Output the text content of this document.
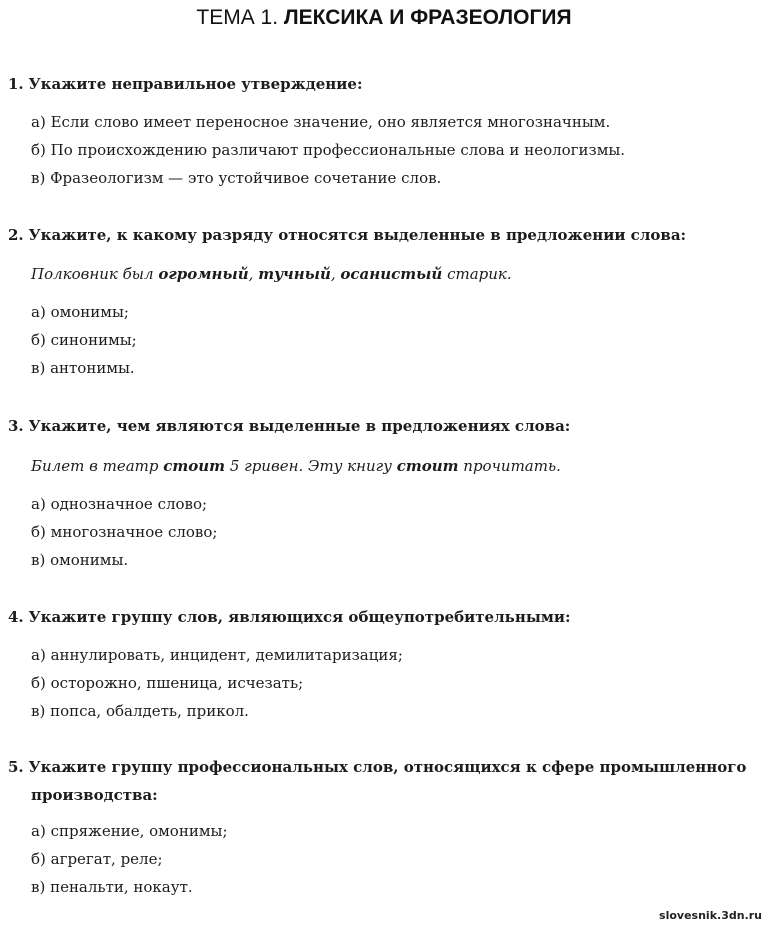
ТЕМА 1. ЛЕКСИКА И ФРАЗЕОЛОГИЯ
1. Укажите неправильное утверждение:
а) Если слово имеет переносное значение, оно является многозначным.
б) По происхождению различают профессиональные слова и неологизмы.
в) Фразеологизм — это устойчивое сочетание слов.
2. Укажите, к какому разряду относятся выделенные в предложении слова:
Полковник был огромный, тучный, осанистый старик.
а) омонимы;
б) синонимы;
в) антонимы.
3. Укажите, чем являются выделенные в предложениях слова:
Билет в театр стоит 5 гривен. Эту книгу стоит прочитать.
а) однозначное слово;
б) многозначное слово;
в) омонимы.
4. Укажите группу слов, являющихся общеупотребительными:
а) аннулировать, инцидент, демилитаризация;
б) осторожно, пшеница, исчезать;
в) попса, обалдеть, прикол.
5. Укажите группу профессиональных слов, относящихся к сфере промышленного
производства:
а) спряжение, омонимы;
б) агрегат, реле;
в) пенальти, нокаут.
slovesnik.3dn.ru
